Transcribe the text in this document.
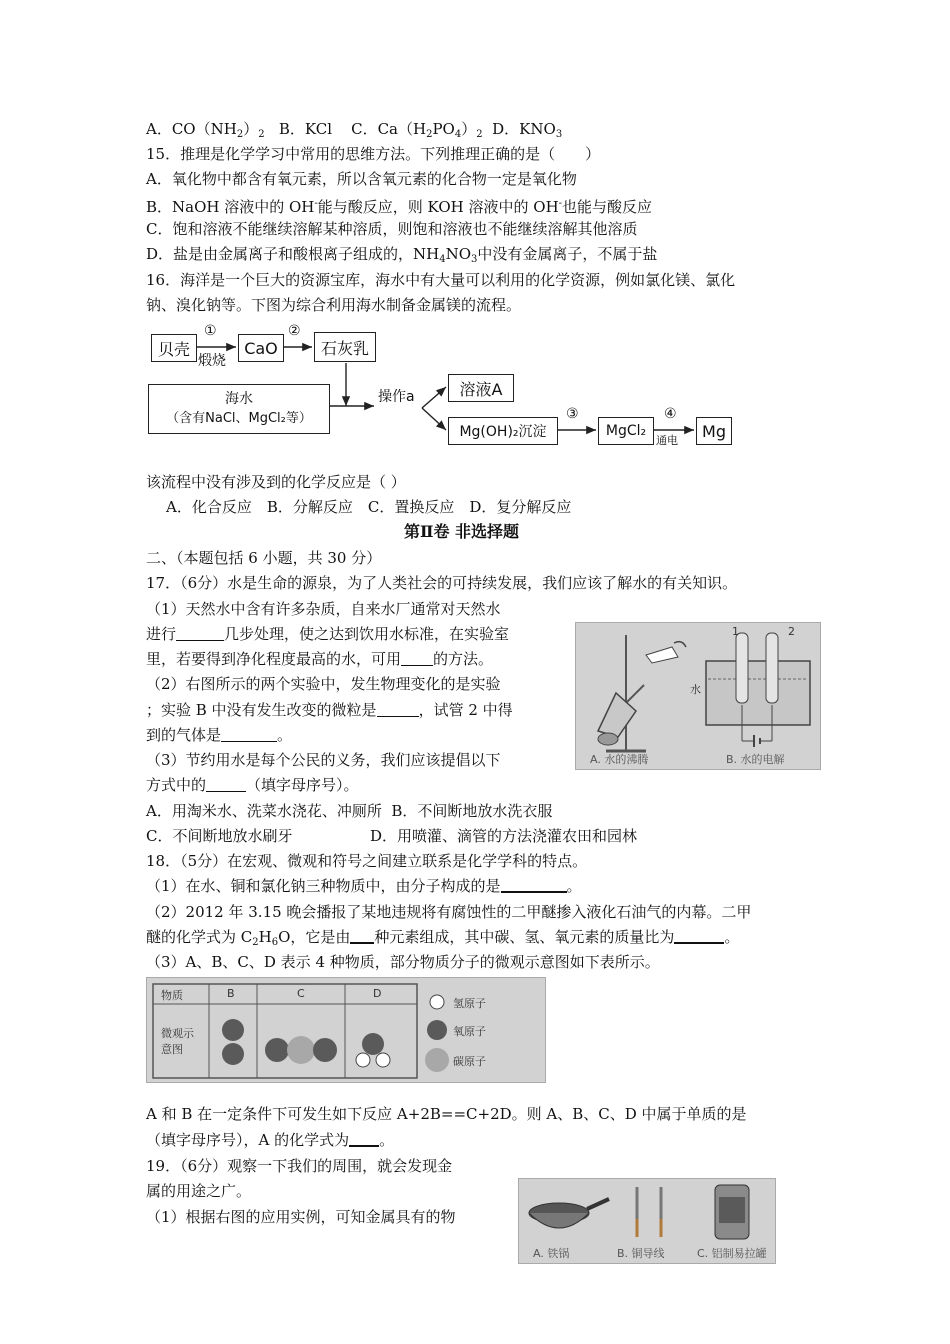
A．$CO(NH_2)_2$ B．KCl C．$Ca(H_2PO_4)_2$ D．$KNO_3$
15．推理是化学学习中常用的思维方法。下列推理正确的是（　　）
A．氧化物中都含有氧元素，所以含氧元素的化合物一定是氧化物
B．NaOH 溶液中的 OH-能与酸反应，则 KOH 溶液中的 OH-也能与酸反应
C．饱和溶液不能继续溶解某种溶质，则饱和溶液也不能继续溶解其他溶质
D．盐是由金属离子和酸根离子组成的，$NH_4NO_3$中没有金属离子，不属于盐
16．海洋是一个巨大的资源宝库，海水中有大量可以利用的化学资源，例如氯化镁、氯化
钠、溴化钠等。下图为综合利用海水制备金属镁的流程。
贝壳
①
煅烧
CaO
②
石灰乳
海水
（含有NaCl、MgCl₂等）
操作a	溶液A
Mg(OH)₂沉淀
③
MgCl₂
④
通电	Mg
该流程中没有涉及到的化学反应是（ ）
A．化合反应　B．分解反应　C．置换反应　D．复分解反应
第Ⅱ卷 非选择题
二、（本题包括 6 小题，共 30 分）
17．（6分）水是生命的源泉，为了人类社会的可持续发展，我们应该了解水的有关知识。
（1）天然水中含有许多杂质，自来水厂通常对天然水
进行	几步处理，使之达到饮用水标准，在实验室
里，若要得到净化程度最高的水，可用 的方法。
（2）右图所示的两个实验中，发生物理变化的是实验
；实验 B 中没有发生改变的微粒是	，试管 2 中得
到的气体是	。
（3）节约用水是每个公民的义务，我们应该提倡以下
方式中的	（填字母序号）。
A．用淘米水、洗菜水浇花、冲厕所 B．不间断地放水洗衣服
C．不间断地放水刷牙	D．用喷灌、滴管的方法浇灌农田和园林
1	2
水
A. 水的沸腾	B. 水的电解
18．（5分）在宏观、微观和符号之间建立联系是化学学科的特点。
（1）在水、铜和氯化钠三种物质中，由分子构成的是	。
（2）2012 年 3.15 晚会播报了某地违规将有腐蚀性的二甲醚掺入液化石油气的内幕。二甲
醚的化学式为 $C_2H_6O$，它是由 种元素组成，其中碳、氢、氧元素的质量比为	。
（3）A、B、C、D 表示 4 种物质，部分物质分子的微观示意图如下表所示。
物质	B	C	D
微观示意图
氢原子
氧原子
碳原子
A 和 B 在一定条件下可发生如下反应 A+2B==C+2D。则 A、B、C、D 中属于单质的是
（填字母序号），A 的化学式为 。
19．（6分）观察一下我们的周围，就会发现金
属的用途之广。
（1）根据右图的应用实例，可知金属具有的物
A. 铁锅	B. 铜导线	C. 铝制易拉罐
